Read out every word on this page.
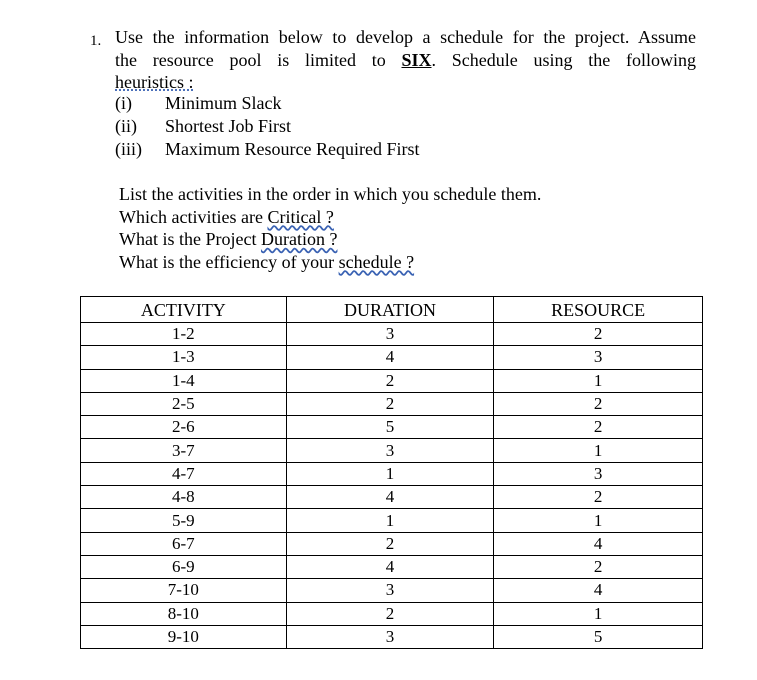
1. Use the information below to develop a schedule for the project. Assume
the resource pool is limited to SIX. Schedule using the following
heuristics :
(i)	Minimum Slack
(ii)	Shortest Job First
(iii)	Maximum Resource Required First
List the activities in the order in which you schedule them.
Which activities are Critical ?
What is the Project Duration ?
What is the efficiency of your schedule ?
ACTIVITY	DURATION	RESOURCE
1-2	3	2
1-3	4	3
1-4	2	1
2-5	2	2
2-6	5	2
3-7	3	1
4-7	1	3
4-8	4	2
5-9	1	1
6-7	2	4
6-9	4	2
7-10	3	4
8-10	2	1
9-10	3	5
